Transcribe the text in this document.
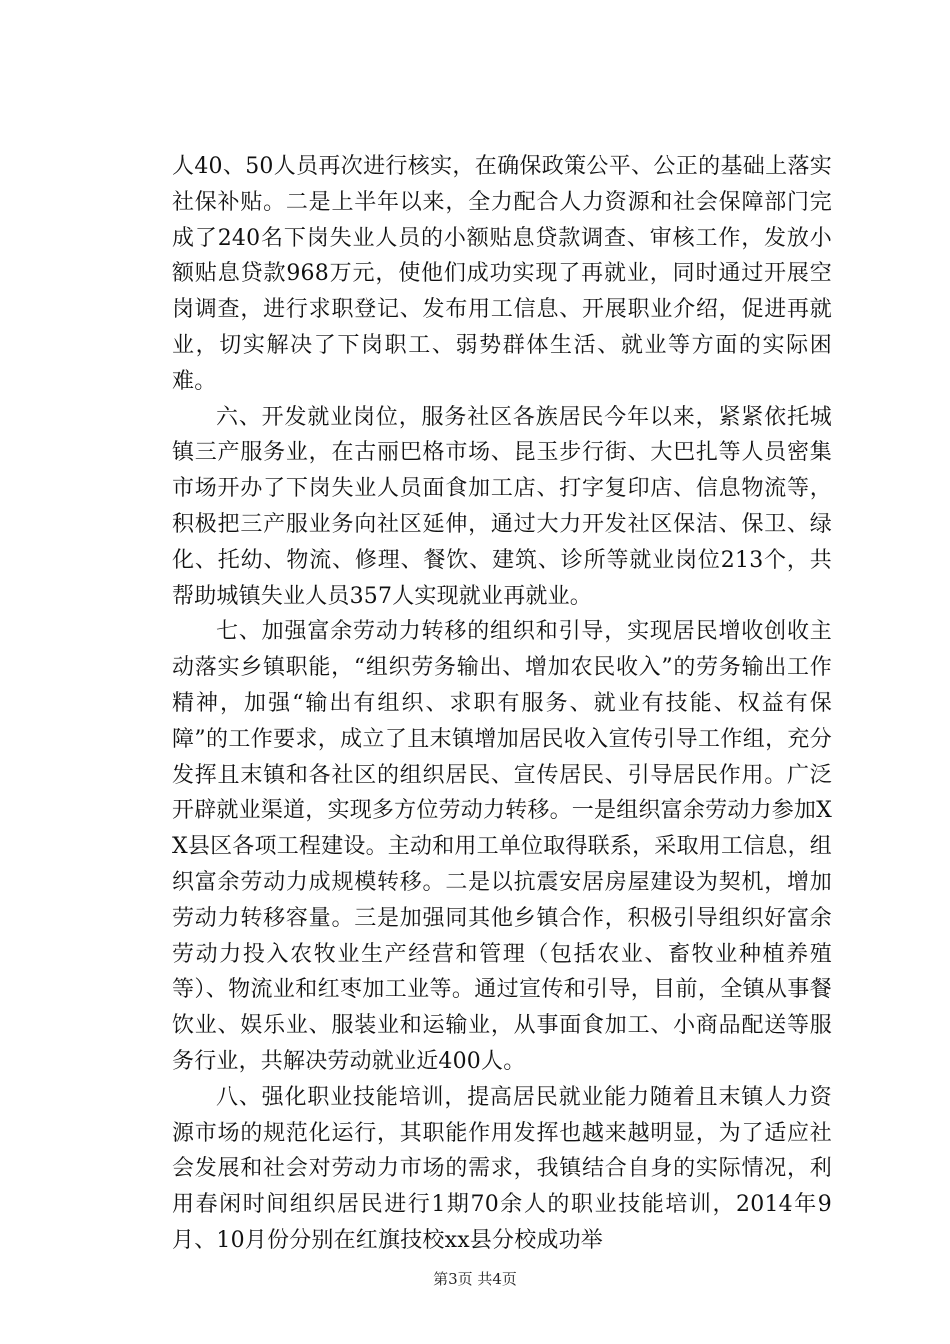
人40、50人员再次进行核实，在确保政策公平、公正的基础上落实社保补贴。二是上半年以来，全力配合人力资源和社会保障部门完成了240名下岗失业人员的小额贴息贷款调查、审核工作，发放小额贴息贷款968万元，使他们成功实现了再就业，同时通过开展空岗调查，进行求职登记、发布用工信息、开展职业介绍，促进再就业，切实解决了下岗职工、弱势群体生活、就业等方面的实际困难。

六、开发就业岗位，服务社区各族居民今年以来，紧紧依托城镇三产服务业，在古丽巴格市场、昆玉步行街、大巴扎等人员密集市场开办了下岗失业人员面食加工店、打字复印店、信息物流等，积极把三产服业务向社区延伸，通过大力开发社区保洁、保卫、绿化、托幼、物流、修理、餐饮、建筑、诊所等就业岗位213个，共帮助城镇失业人员357人实现就业再就业。

七、加强富余劳动力转移的组织和引导，实现居民增收创收主动落实乡镇职能，“组织劳务输出、增加农民收入”的劳务输出工作精神，加强“输出有组织、求职有服务、就业有技能、权益有保障”的工作要求，成立了且末镇增加居民收入宣传引导工作组，充分发挥且末镇和各社区的组织居民、宣传居民、引导居民作用。广泛开辟就业渠道，实现多方位劳动力转移。一是组织富余劳动力参加XX县区各项工程建设。主动和用工单位取得联系，采取用工信息，组织富余劳动力成规模转移。二是以抗震安居房屋建设为契机，增加劳动力转移容量。三是加强同其他乡镇合作，积极引导组织好富余劳动力投入农牧业生产经营和管理（包括农业、畜牧业种植养殖等）、物流业和红枣加工业等。通过宣传和引导，目前，全镇从事餐饮业、娱乐业、服装业和运输业，从事面食加工、小商品配送等服务行业，共解决劳动就业近400人。

八、强化职业技能培训，提高居民就业能力随着且末镇人力资源市场的规范化运行，其职能作用发挥也越来越明显，为了适应社会发展和社会对劳动力市场的需求，我镇结合自身的实际情况，利用春闲时间组织居民进行1期70余人的职业技能培训，2014年9月、10月份分别在红旗技校xx县分校成功举

第3页 共4页
